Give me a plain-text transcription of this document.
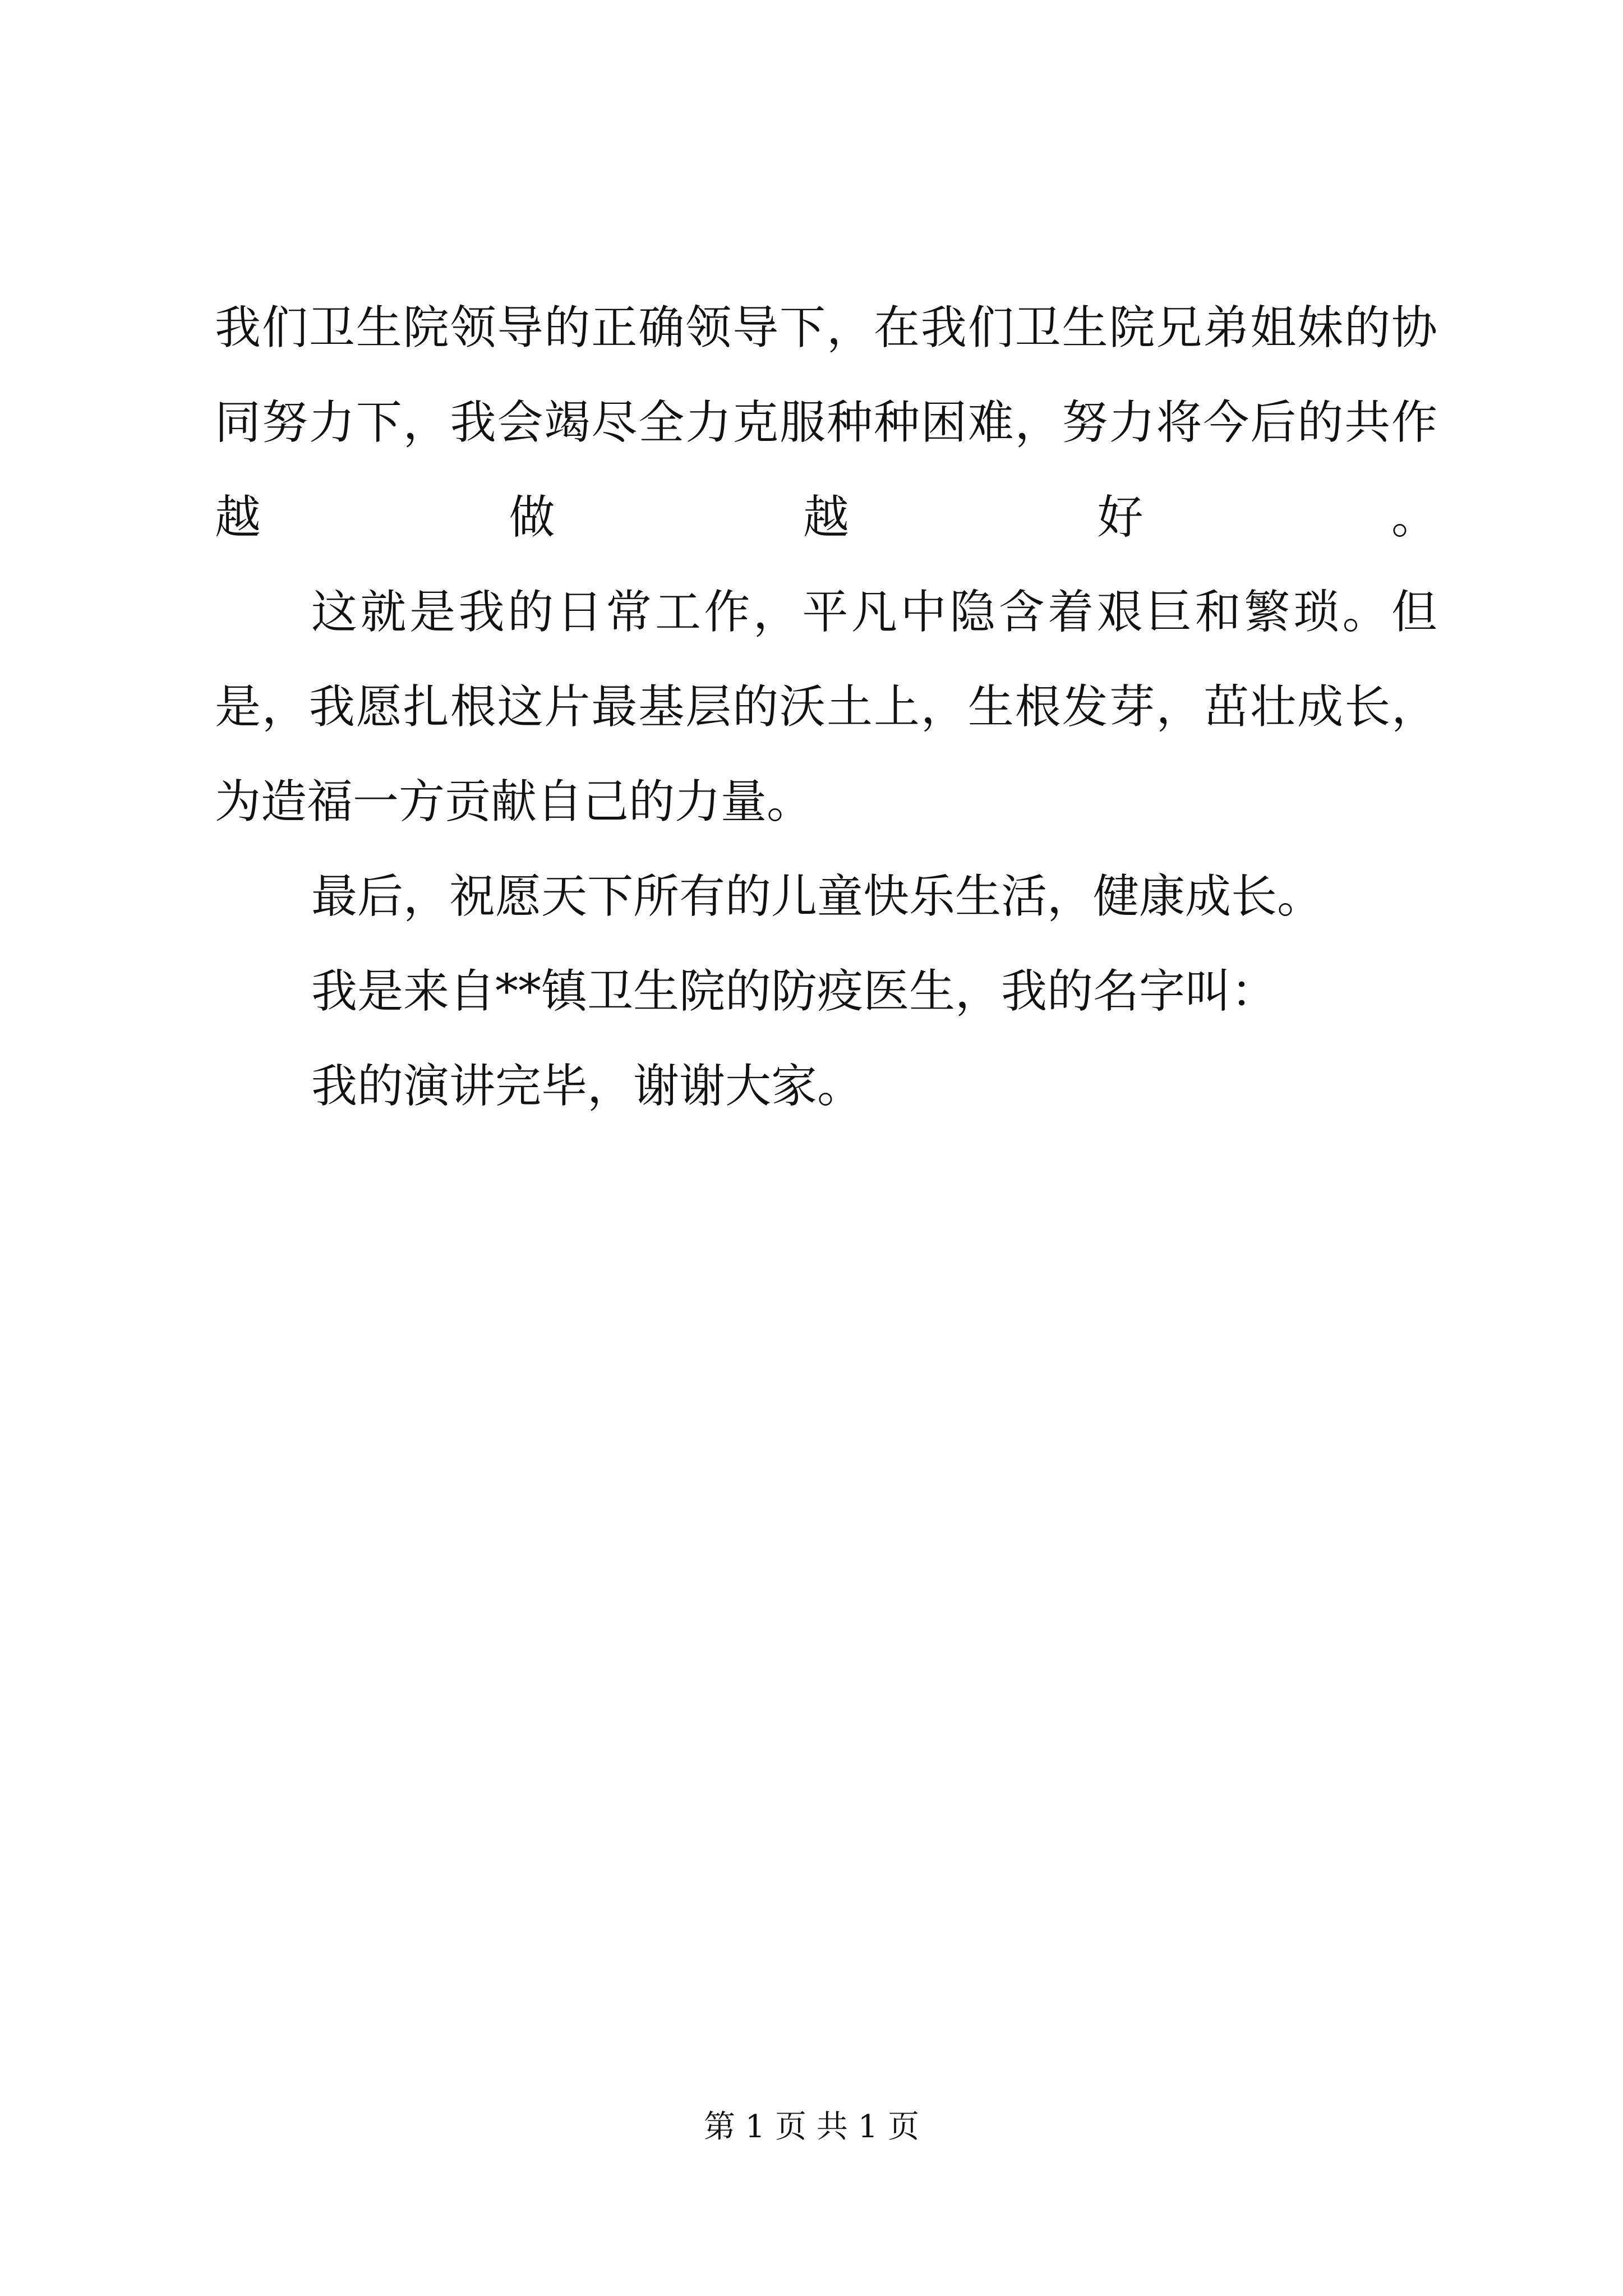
我们卫生院领导的正确领导下，在我们卫生院兄弟姐妹的协同努力下，我会竭尽全力克服种种困难，努力将今后的共作越做越好。

这就是我的日常工作，平凡中隐含着艰巨和繁琐。但是，我愿扎根这片最基层的沃土上，生根发芽，茁壮成长，为造福一方贡献自己的力量。

最后，祝愿天下所有的儿童快乐生活，健康成长。

我是来自**镇卫生院的防疫医生，我的名字叫：

我的演讲完毕，谢谢大家。

第 1 页 共 1 页
